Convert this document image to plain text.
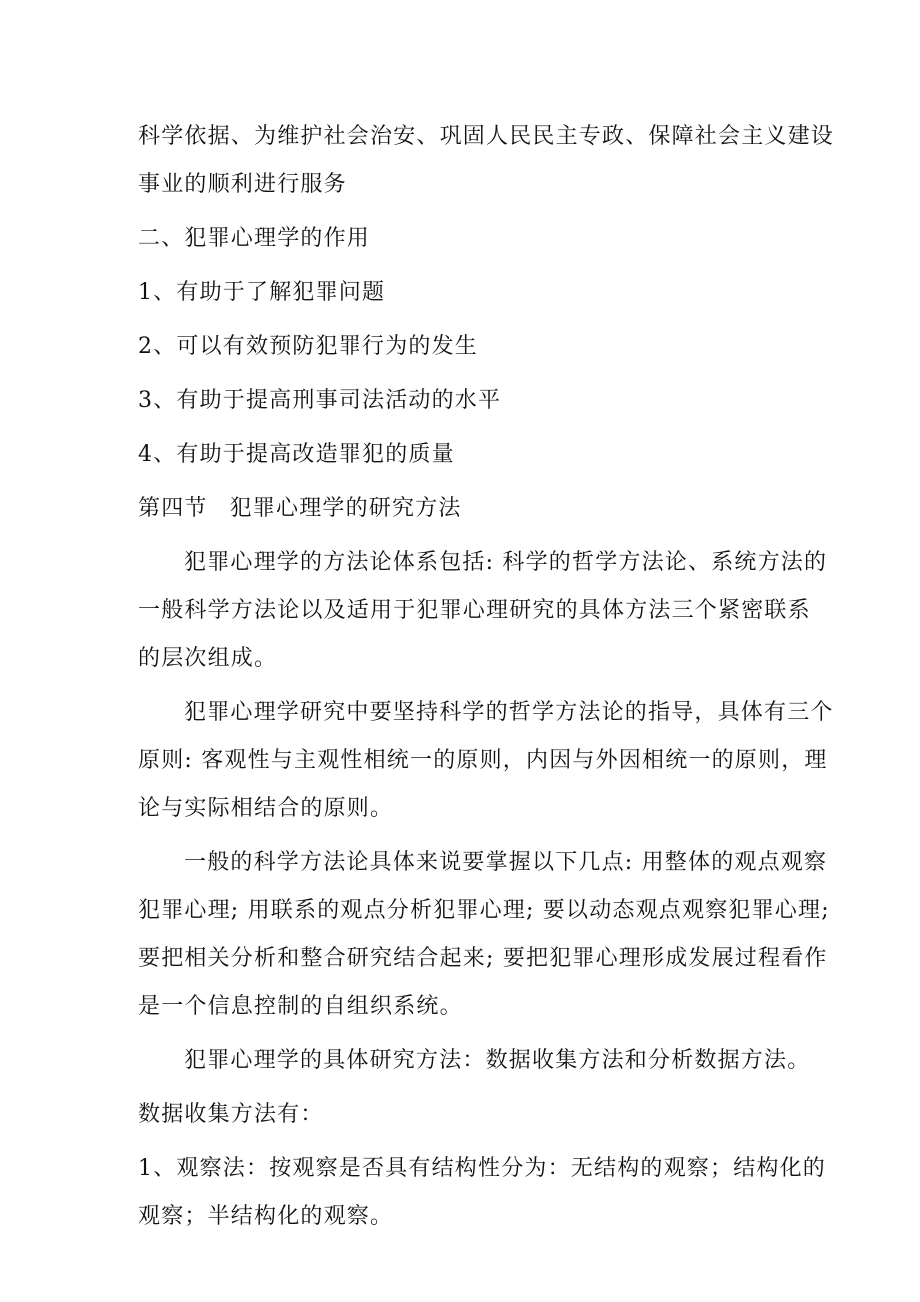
科学依据、为维护社会治安、巩固人民民主专政、保障社会主义建设
事业的顺利进行服务
二、犯罪心理学的作用
1、有助于了解犯罪问题
2、可以有效预防犯罪行为的发生
3、有助于提高刑事司法活动的水平
4、有助于提高改造罪犯的质量
第四节 犯罪心理学的研究方法
犯罪心理学的方法论体系包括: 科学的哲学方法论、系统方法的
一般科学方法论以及适用于犯罪心理研究的具体方法三个紧密联系
的层次组成。
犯罪心理学研究中要坚持科学的哲学方法论的指导，具体有三个
原则: 客观性与主观性相统一的原则，内因与外因相统一的原则，理
论与实际相结合的原则。
一般的科学方法论具体来说要掌握以下几点: 用整体的观点观察
犯罪心理; 用联系的观点分析犯罪心理; 要以动态观点观察犯罪心理;
要把相关分析和整合研究结合起来; 要把犯罪心理形成发展过程看作
是一个信息控制的自组织系统。
犯罪心理学的具体研究方法：数据收集方法和分析数据方法。
数据收集方法有：
1、观察法：按观察是否具有结构性分为：无结构的观察；结构化的
观察；半结构化的观察。
